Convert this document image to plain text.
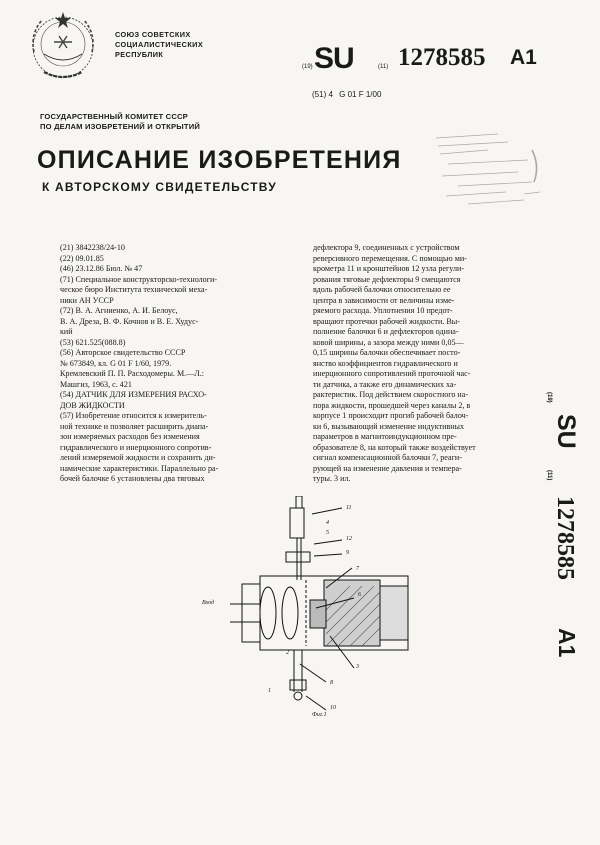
СОЮЗ СОВЕТСКИХ
СОЦИАЛИСТИЧЕСКИХ
РЕСПУБЛИК
(19) SU	(11) 1278585 A1
(51) 4 G 01 F 1/00
ГОСУДАРСТВЕННЫЙ КОМИТЕТ СССР
ПО ДЕЛАМ ИЗОБРЕТЕНИЙ И ОТКРЫТИЙ
ОПИСАНИЕ ИЗОБРЕТЕНИЯ
К АВТОРСКОМУ СВИДЕТЕЛЬСТВУ

(21) 3842238/24-10

(22) 09.01.85

(46) 23.12.86 Бюл. № 47

(71) Специальное конструкторско-технологи-

ческое бюро Института технической меха-

ники АН УССР

(72) В. А. Агниенко, А. И. Белоус,

В. А. Дреза, В. Ф. Кочнов и В. Е. Худус-

кий

(53) 621.525(088.8)

(56) Авторское свидетельство СССР

№ 673849, кл. G 01 F 1/60, 1979.

Кремлевский П. П. Расходомеры. М.—Л.:

Машгиз, 1963, с. 421

(54) ДАТЧИК ДЛЯ ИЗМЕРЕНИЯ РАСХО-

ДОВ ЖИДКОСТИ

(57) Изобретение относится к измеритель-

ной технике и позволяет расширить диапа-

зон измеряемых расходов без изменения

гидравлического и инерционного сопротив-

лений измеряемой жидкости и сохранить ди-

намические характеристики. Параллельно ра-

бочей балочке 6 установлены два тяговых

дефлектора 9, соединенных с устройством

реверсивного перемещения. С помощью ми-

крометра 11 и кронштейнов 12 узла регули-

рования тяговые дефлекторы 9 смещаются

вдоль рабочей балочки относительно ее

центра в зависимости от величины изме-

ряемого расхода. Уплотнения 10 предот-

вращают протечки рабочей жидкости. Вы-

полнение балочки 6 и дефлекторов одина-

ковой ширины, а зазора между ними 0,05—

0,15 ширины балочки обеспечивает посто-

янство коэффициентов гидравлического и

инерционного сопротивлений проточной час-

ти датчика, а также его динамических ха-

рактеристик. Под действием скоростного на-

пора жидкости, прошедшей через каналы 2, в

корпусе 1 происходит прогиб рабочей балоч-

ки 6, вызывающий изменение индуктивных

параметров в магнитоиндукционном пре-

образователе 8, на который также воздействует

сигнал компенсационной балочки 7, реаги-

рующей на изменение давления и темпера-

туры. 3 ил.

(19)
SU
(11)
1278585
A1
Вход
Фиг.1
11
12
9
7
6
3
8
10
1
2
4
5
